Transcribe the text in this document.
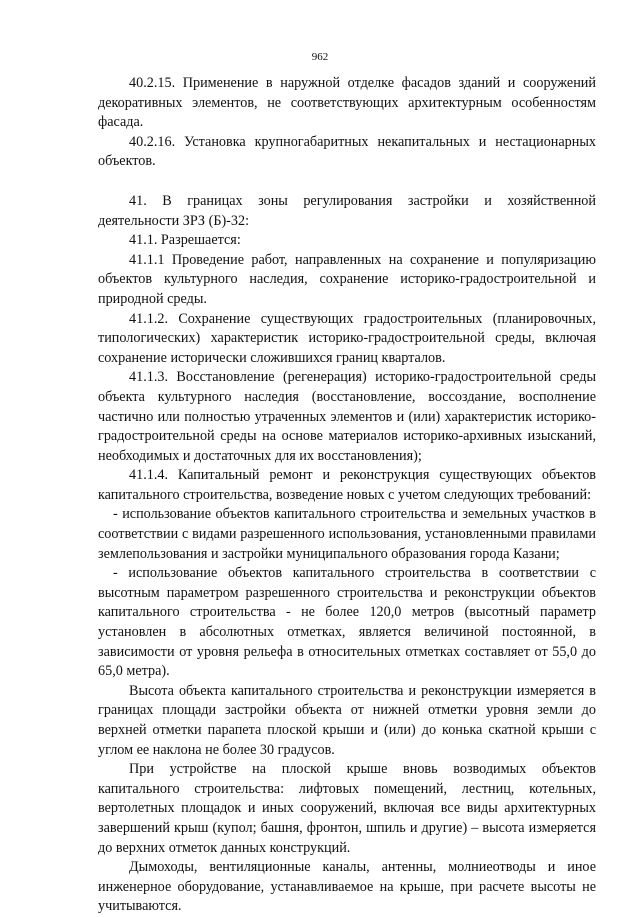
962

40.2.15. Применение в наружной отделке фасадов зданий и сооружений декоративных элементов, не соответствующих архитектурным особенностям фасада.

40.2.16. Установка крупногабаритных некапитальных и нестационарных объектов.

41. В границах зоны регулирования застройки и хозяйственной деятельности ЗРЗ (Б)-32:

41.1. Разрешается:

41.1.1 Проведение работ, направленных на сохранение и популяризацию объектов культурного наследия, сохранение историко-градостроительной и природной среды.

41.1.2. Сохранение существующих градостроительных (планировочных, типологических) характеристик историко-градостроительной среды, включая сохранение исторически сложившихся границ кварталов.

41.1.3. Восстановление (регенерация) историко-градостроительной среды объекта культурного наследия (восстановление, воссоздание, восполнение частично или полностью утраченных элементов и (или) характеристик историко-градостроительной среды на основе материалов историко-архивных изысканий, необходимых и достаточных для их восстановления);

41.1.4. Капитальный ремонт и реконструкция существующих объектов капитального строительства, возведение новых с учетом следующих требований:

- использование объектов капитального строительства и земельных участков в соответствии с видами разрешенного использования, установленными правилами землепользования и застройки муниципального образования города Казани;

- использование объектов капитального строительства в соответствии с высотным параметром разрешенного строительства и реконструкции объектов капитального строительства - не более 120,0 метров (высотный параметр установлен в абсолютных отметках, является величиной постоянной, в зависимости от уровня рельефа в относительных отметках составляет от 55,0 до 65,0 метра).

Высота объекта капитального строительства и реконструкции измеряется в границах площади застройки объекта от нижней отметки уровня земли до верхней отметки парапета плоской крыши и (или) до конька скатной крыши с углом ее наклона не более 30 градусов.

При устройстве на плоской крыше вновь возводимых объектов капитального строительства: лифтовых помещений, лестниц, котельных, вертолетных площадок и иных сооружений, включая все виды архитектурных завершений крыш (купол; башня, фронтон, шпиль и другие) – высота измеряется до верхних отметок данных конструкций.

Дымоходы, вентиляционные каналы, антенны, молниеотводы и иное инженерное оборудование, устанавливаемое на крыше, при расчете высоты не учитываются.
